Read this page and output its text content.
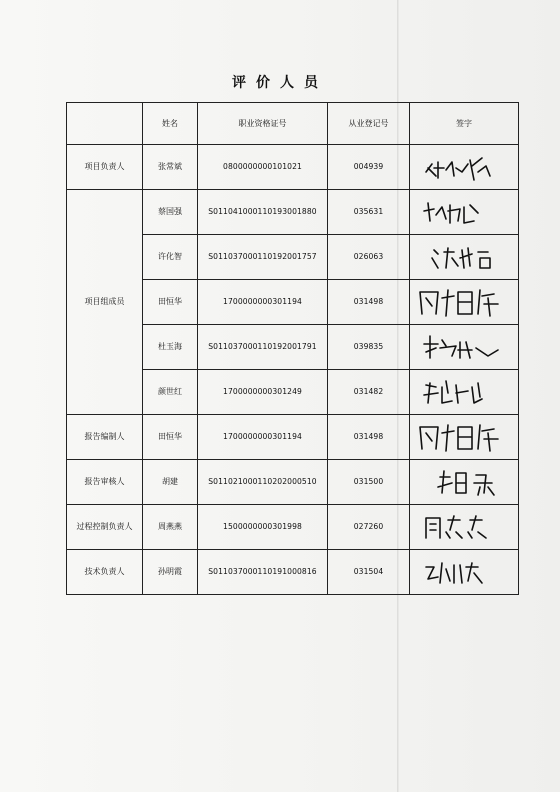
评价人员
	姓名	职业资格证号	从业登记号	签字
项目负责人	张常斌	0800000000101021	004939	

项目组成员	蔡国强	S011041000110193001880	035631	

	许化智	S011037000110192001757	026063	

	田恒华	1700000000301194	031498	

	杜玉海	S011037000110192001791	039835	

	颜世红	1700000000301249	031482	

报告编制人	田恒华	1700000000301194	031498	

报告审核人	胡建	S011021000110202000510	031500	

过程控制负责人	周燕燕	1500000000301998	027260	

技术负责人	孙明霞	S011037000110191000816	031504	
